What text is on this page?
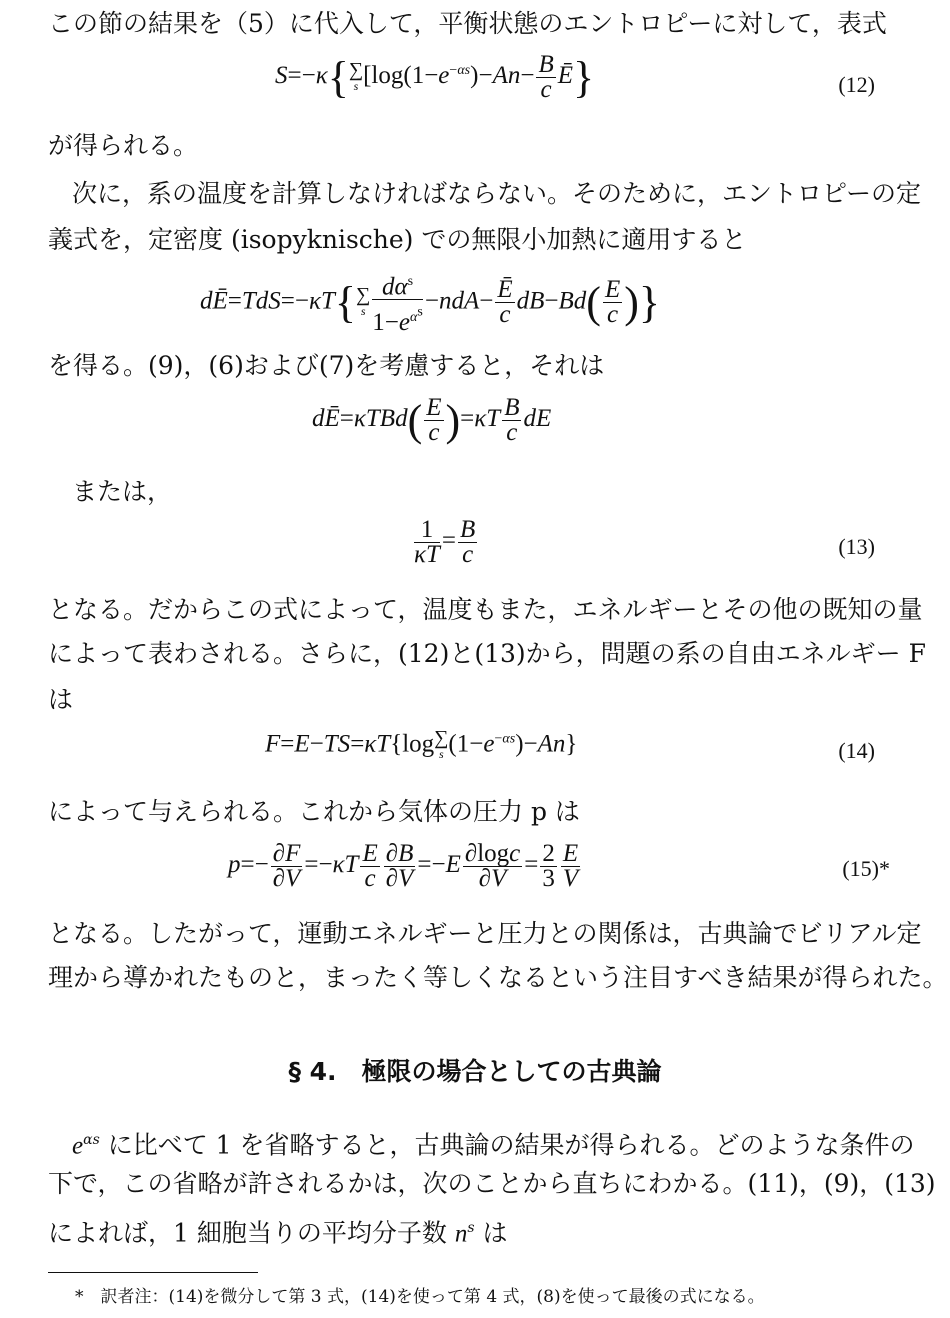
この節の結果を（5）に代入して，平衡状態のエントロピーに対して，表式
S=−κ{∑
s [$\log(1-e^{-\alpha s})-An- \frac{B}{c}$ Ē}	(12)
が得られる。
次に，系の温度を計算しなければならない。そのために，エントロピーの定
義式を，定密度 (isopyknische) での無限小加熱に適用すると
dĒ=TdS=−κT{∑
s $\frac{d\alpha^s}{1-e^{\alpha^s}} -ndA- \frac{Ē}{c} dB-Bd( \frac{E}{c}$ )}
を得る。(9)，(6)および(7)を考慮すると，それは
dĒ=κTBd( $\frac{E}{c} )=\kappa T \frac{B}{c}$ dE
または，
$\frac{1}{\kappa T} = \frac{B}{c}$	(13)
となる。だからこの式によって，温度もまた，エネルギーとその他の既知の量
によって表わされる。さらに，(12)と(13)から，問題の系の自由エネルギー F
は
F=E−TS=κT{log∑
s $(1-e^{-\alpha s})-An$}	(14)
によって与えられる。これから気体の圧力 p は
$p=- \frac{\partial F}{\partial V} =-\kappa T \frac{E}{c} \frac{\partial B}{\partial V} =-E \frac{\partial\log c}{\partial V} = \frac{2}{3} \frac{E}{V}$	(15)*
となる。したがって，運動エネルギーと圧力との関係は，古典論でビリアル定
理から導かれたものと，まったく等しくなるという注目すべき結果が得られた。
§ 4.　極限の場合としての古典論
$e^{\alpha s}$ に比べて 1 を省略すると，古典論の結果が得られる。どのような条件の
下で，この省略が許されるかは，次のことから直ちにわかる。(11)，(9)，(13)
によれば，1 細胞当りの平均分子数 $n^s$ は
*　訳者注：(14)を微分して第 3 式，(14)を使って第 4 式，(8)を使って最後の式になる。
